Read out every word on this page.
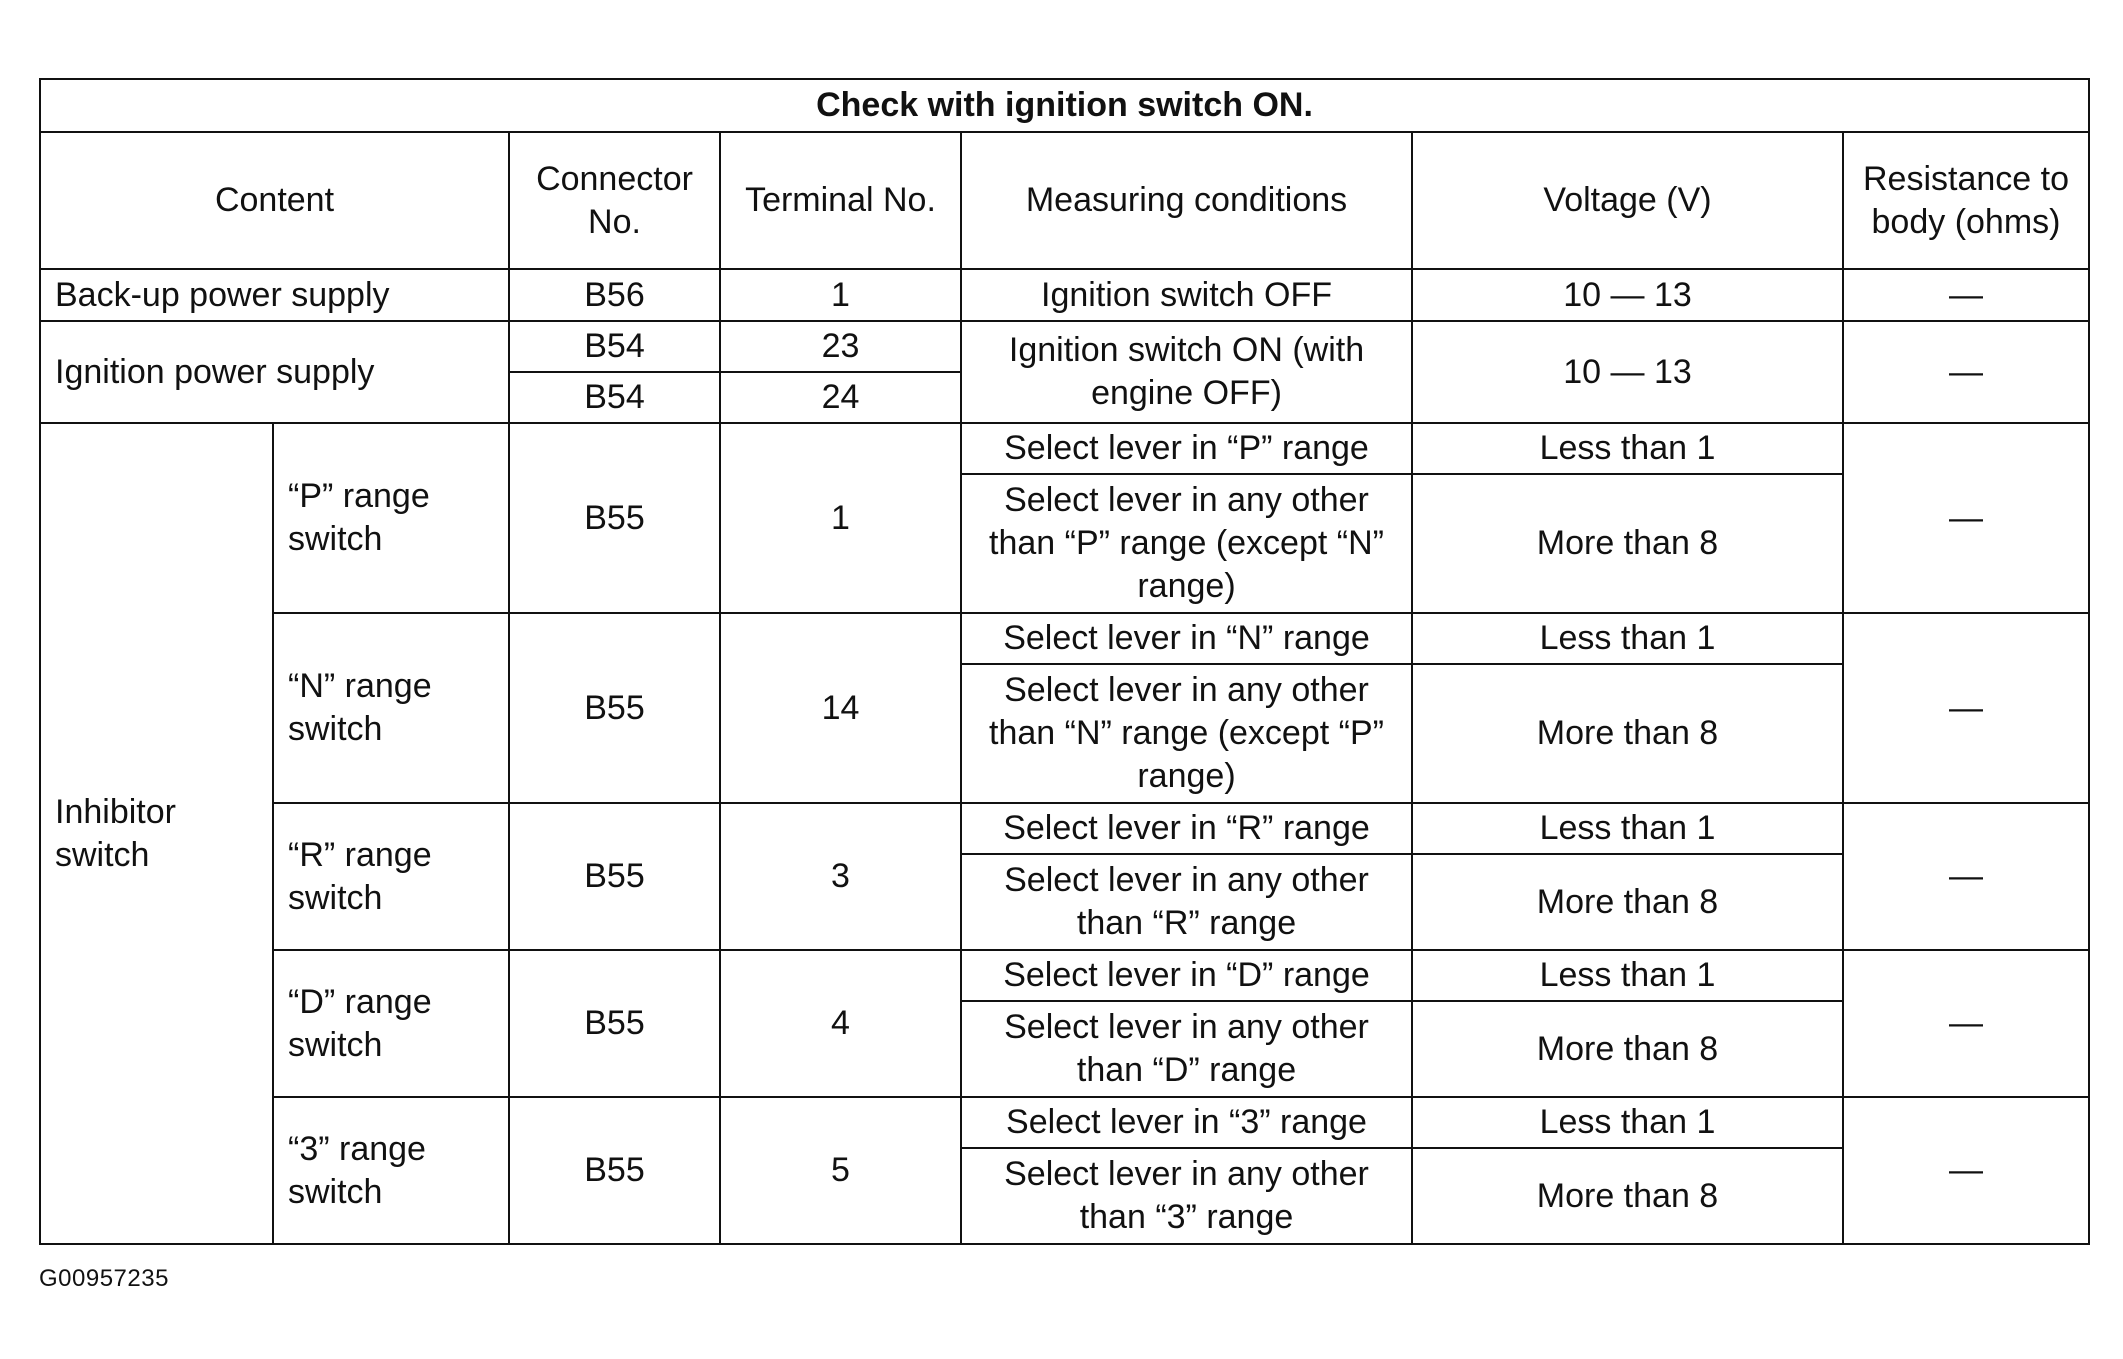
Check with ignition switch ON.						
Content		Connector No.	Terminal No.	Measuring conditions	Voltage (V)	Resistance to body (ohms)
Back-up power supply		B56	1	Ignition switch OFF	10 — 13	—
Ignition power supply		B54	23	Ignition switch ON (with engine OFF)	10 — 13	—
		B54	24			
Inhibitor switch	“P” range switch	B55	1	Select lever in “P” range	Less than 1	—
				Select lever in any other than “P” range (except “N” range)	More than 8	
	“N” range switch	B55	14	Select lever in “N” range	Less than 1	—
				Select lever in any other than “N” range (except “P” range)	More than 8	
	“R” range switch	B55	3	Select lever in “R” range	Less than 1	—
				Select lever in any other than “R” range	More than 8	
	“D” range switch	B55	4	Select lever in “D” range	Less than 1	—
				Select lever in any other than “D” range	More than 8	
	“3” range switch	B55	5	Select lever in “3” range	Less than 1	—
				Select lever in any other than “3” range	More than 8	
G00957235
